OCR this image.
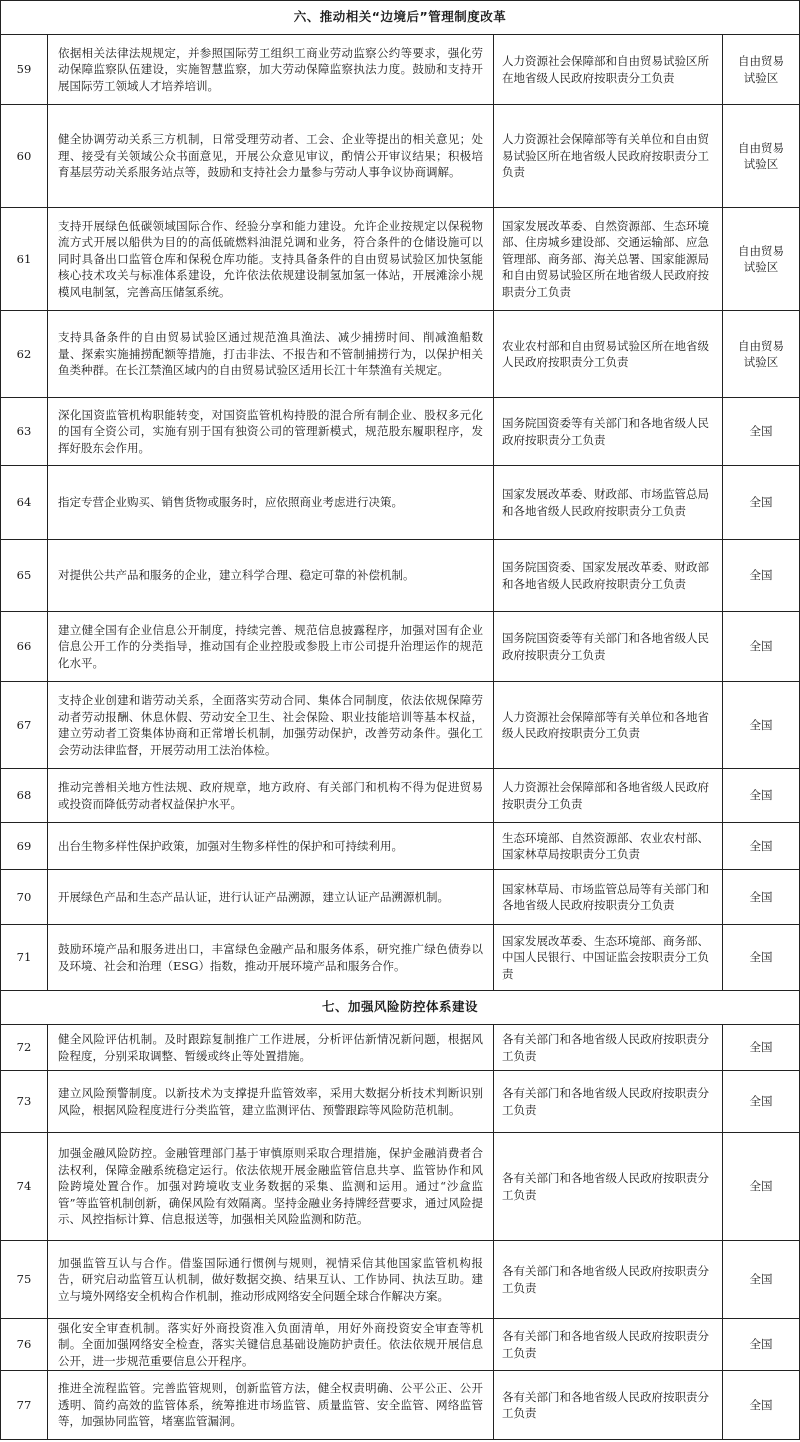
六、推动相关“边境后”管理制度改革			
59	依据相关法律法规规定，并参照国际劳工组织工商业劳动监察公约等要求，强化劳动保障监察队伍建设，实施智慧监察，加大劳动保障监察执法力度。鼓励和支持开展国际劳工领域人才培养培训。	人力资源社会保障部和自由贸易试验区所在地省级人民政府按职责分工负责	自由贸易
试验区

60	健全协调劳动关系三方机制，日常受理劳动者、工会、企业等提出的相关意见；处理、接受有关领域公众书面意见，开展公众意见审议，酌情公开审议结果；积极培育基层劳动关系服务站点等，鼓励和支持社会力量参与劳动人事争议协商调解。	人力资源社会保障部等有关单位和自由贸易试验区所在地省级人民政府按职责分工负责	自由贸易
试验区

61	支持开展绿色低碳领域国际合作、经验分享和能力建设。允许企业按规定以保税物流方式开展以船供为目的的高低硫燃料油混兑调和业务，符合条件的仓储设施可以同时具备出口监管仓库和保税仓库功能。支持具备条件的自由贸易试验区加快氢能核心技术攻关与标准体系建设，允许依法依规建设制氢加氢一体站，开展滩涂小规模风电制氢，完善高压储氢系统。	国家发展改革委、自然资源部、生态环境部、住房城乡建设部、交通运输部、应急管理部、商务部、海关总署、国家能源局和自由贸易试验区所在地省级人民政府按职责分工负责	自由贸易
试验区

62	支持具备条件的自由贸易试验区通过规范渔具渔法、减少捕捞时间、削减渔船数量、探索实施捕捞配额等措施，打击非法、不报告和不管制捕捞行为，以保护相关鱼类种群。在长江禁渔区域内的自由贸易试验区适用长江十年禁渔有关规定。	农业农村部和自由贸易试验区所在地省级人民政府按职责分工负责	自由贸易
试验区

63	深化国资监管机构职能转变，对国资监管机构持股的混合所有制企业、股权多元化的国有全资公司，实施有别于国有独资公司的管理新模式，规范股东履职程序，发挥好股东会作用。	国务院国资委等有关部门和各地省级人民政府按职责分工负责	全国
64	指定专营企业购买、销售货物或服务时，应依照商业考虑进行决策。	国家发展改革委、财政部、市场监管总局和各地省级人民政府按职责分工负责	全国
65	对提供公共产品和服务的企业，建立科学合理、稳定可靠的补偿机制。	国务院国资委、国家发展改革委、财政部和各地省级人民政府按职责分工负责	全国
66	建立健全国有企业信息公开制度，持续完善、规范信息披露程序，加强对国有企业信息公开工作的分类指导，推动国有企业控股或参股上市公司提升治理运作的规范化水平。	国务院国资委等有关部门和各地省级人民政府按职责分工负责	全国
67	支持企业创建和谐劳动关系，全面落实劳动合同、集体合同制度，依法依规保障劳动者劳动报酬、休息休假、劳动安全卫生、社会保险、职业技能培训等基本权益，建立劳动者工资集体协商和正常增长机制，加强劳动保护，改善劳动条件。强化工会劳动法律监督，开展劳动用工法治体检。	人力资源社会保障部等有关单位和各地省级人民政府按职责分工负责	全国
68	推动完善相关地方性法规、政府规章，地方政府、有关部门和机构不得为促进贸易或投资而降低劳动者权益保护水平。	人力资源社会保障部和各地省级人民政府按职责分工负责	全国
69	出台生物多样性保护政策，加强对生物多样性的保护和可持续利用。	生态环境部、自然资源部、农业农村部、国家林草局按职责分工负责	全国
70	开展绿色产品和生态产品认证，进行认证产品溯源，建立认证产品溯源机制。	国家林草局、市场监管总局等有关部门和各地省级人民政府按职责分工负责	全国
71	鼓励环境产品和服务进出口，丰富绿色金融产品和服务体系，研究推广绿色债券以及环境、社会和治理（ESG）指数，推动开展环境产品和服务合作。	国家发展改革委、生态环境部、商务部、中国人民银行、中国证监会按职责分工负责	全国
七、加强风险防控体系建设			
72	健全风险评估机制。及时跟踪复制推广工作进展，分析评估新情况新问题，根据风险程度，分别采取调整、暂缓或终止等处置措施。	各有关部门和各地省级人民政府按职责分工负责	全国
73	建立风险预警制度。以新技术为支撑提升监管效率，采用大数据分析技术判断识别风险，根据风险程度进行分类监管，建立监测评估、预警跟踪等风险防范机制。	各有关部门和各地省级人民政府按职责分工负责	全国
74	加强金融风险防控。金融管理部门基于审慎原则采取合理措施，保护金融消费者合法权利，保障金融系统稳定运行。依法依规开展金融监管信息共享、监管协作和风险跨境处置合作。加强对跨境收支业务数据的采集、监测和运用。通过“沙盒监管”等监管机制创新，确保风险有效隔离。坚持金融业务持牌经营要求，通过风险提示、风控指标计算、信息报送等，加强相关风险监测和防范。	各有关部门和各地省级人民政府按职责分工负责	全国
75	加强监管互认与合作。借鉴国际通行惯例与规则，视情采信其他国家监管机构报告，研究启动监管互认机制，做好数据交换、结果互认、工作协同、执法互助。建立与境外网络安全机构合作机制，推动形成网络安全问题全球合作解决方案。	各有关部门和各地省级人民政府按职责分工负责	全国
76	强化安全审查机制。落实好外商投资准入负面清单，用好外商投资安全审查等机制。全面加强网络安全检查，落实关键信息基础设施防护责任。依法依规开展信息公开，进一步规范重要信息公开程序。	各有关部门和各地省级人民政府按职责分工负责	全国
77	推进全流程监管。完善监管规则，创新监管方法，健全权责明确、公平公正、公开透明、简约高效的监管体系，统筹推进市场监管、质量监管、安全监管、网络监管等，加强协同监管，堵塞监管漏洞。	各有关部门和各地省级人民政府按职责分工负责	全国
